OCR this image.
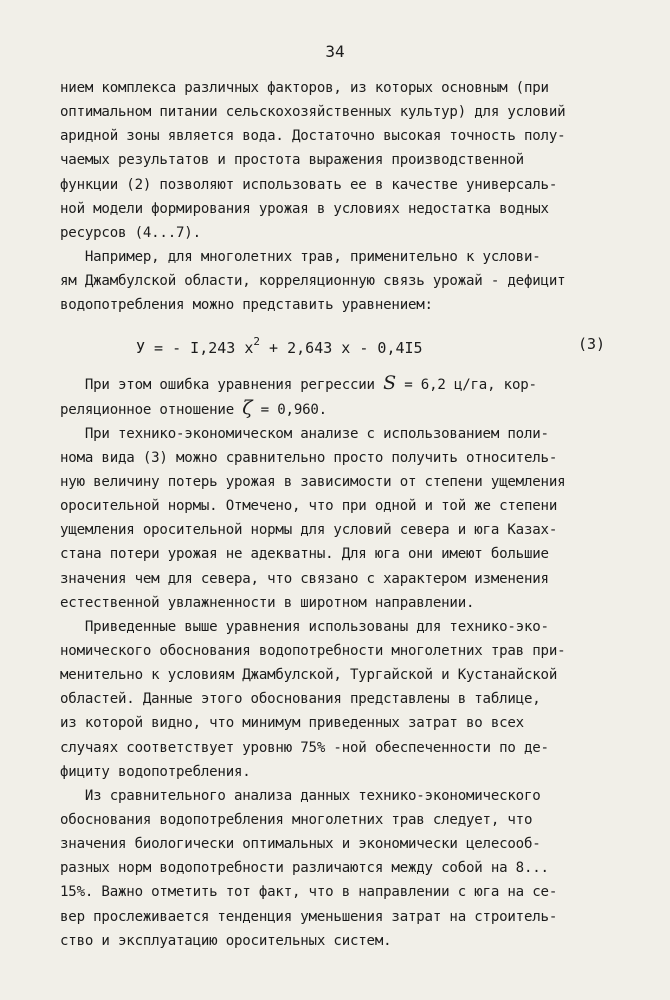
34
нием комплекса различных факторов, из которых основным (при
оптимальном питании сельскохозяйственных культур) для условий
аридной зоны является вода. Достаточно высокая точность полу-
чаемых результатов и простота выражения производственной
функции (2) позволяют использовать ее в качестве универсаль-
ной модели формирования урожая в условиях недостатка водных
ресурсов (4...7).
Например, для многолетних трав, применительно к услови-
ям Джамбулской области, корреляционную связь урожай - дефицит
водопотребления можно представить уравнением:

У = - I,243 $x^2 + 2,643$ x - 0,4I5

	(3)

При этом ошибка уравнения регрессии S = 6,2 ц/га, кор-
реляционное отношение ζ = 0,960.
При технико-экономическом анализе с использованием поли-
нома вида (3) можно сравнительно просто получить относитель-
ную величину потерь урожая в зависимости от степени ущемления
оросительной нормы. Отмечено, что при одной и той же степени
ущемления оросительной нормы для условий севера и юга Казах-
стана потери урожая не адекватны. Для юга они имеют большие
значения чем для севера, что связано с характером изменения
естественной увлажненности в широтном направлении.
Приведенные выше уравнения использованы для технико-эко-
номического обоснования водопотребности многолетних трав при-
менительно к условиям Джамбулской, Тургайской и Кустанайской
областей. Данные этого обоснования представлены в таблице,
из которой видно, что минимум приведенных затрат во всех
случаях соответствует уровню 75% -ной обеспеченности по де-
фициту водопотребления.
Из сравнительного анализа данных технико-экономического
обоснования водопотребления многолетних трав следует, что
значения биологически оптимальных и экономически целесооб-
разных норм водопотребности различаются между собой на 8...
15%. Важно отметить тот факт, что в направлении с юга на се-
вер прослеживается тенденция уменьшения затрат на строитель-
ство и эксплуатацию оросительных систем.
